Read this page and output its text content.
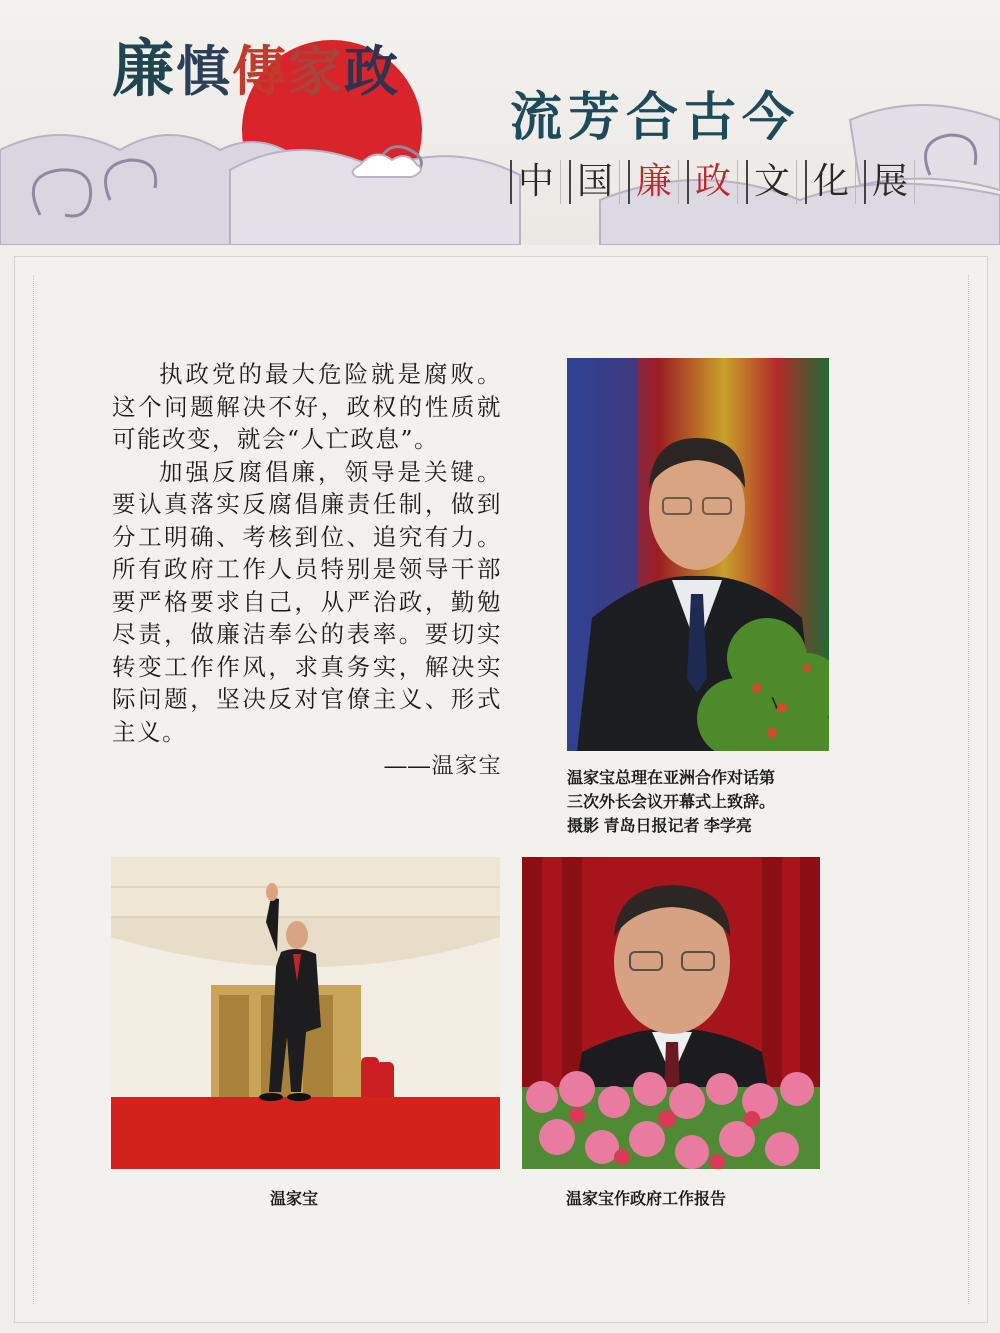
廉慎傳家政
流芳合古今
中 国 廉 政 文 化 展

执政党的最大危险就是腐败。这个问题解决不好，政权的性质就可能改变，就会“人亡政息”。

加强反腐倡廉，领导是关键。要认真落实反腐倡廉责任制，做到分工明确、考核到位、追究有力。所有政府工作人员特别是领导干部要严格要求自己，从严治政，勤勉尽责，做廉洁奉公的表率。要切实转变工作作风，求真务实，解决实际问题，坚决反对官僚主义、形式主义。

——温家宝

温家宝总理在亚洲合作对话第
三次外长会议开幕式上致辞。
摄影 青岛日报记者 李学亮
温家宝	温家宝作政府工作报告
